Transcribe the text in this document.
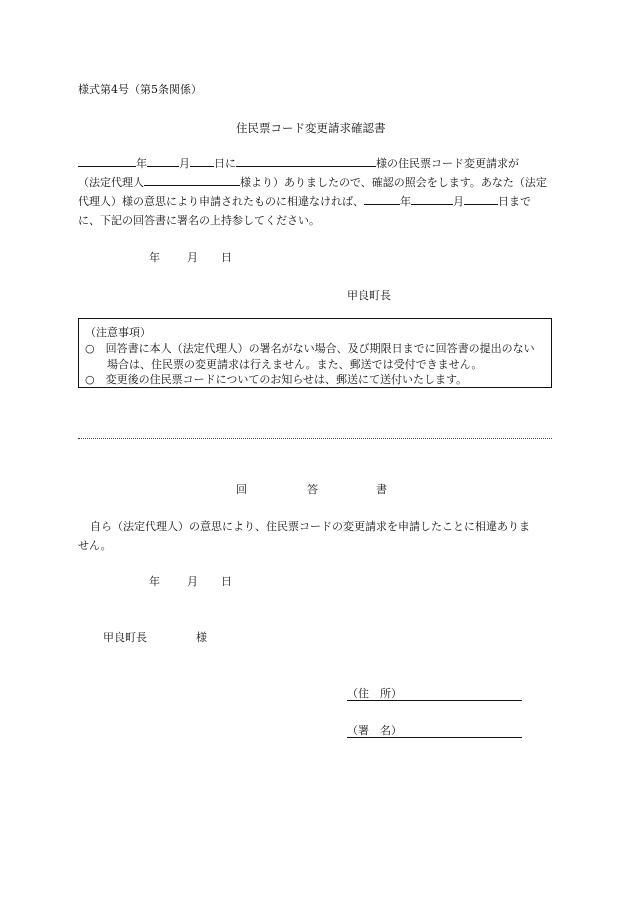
様式第4号（第5条関係）
住民票コード変更請求確認書
年	月 日に	様の住民票コード変更請求が
（法定代理人	様より）ありましたので、確認の照会をします。あなた（法定
代理人）様の意思により申請されたものに相違なければ、	年	月	日まで
に、下記の回答書に署名の上持参してください。
年 月 日
甲良町長
（注意事項）
○　回答書に本人（法定代理人）の署名がない場合、及び期限日までに回答書の提出のない
場合は、住民票の変更請求は行えません。また、郵送では受付できません。
○　変更後の住民票コードについてのお知らせは、郵送にて送付いたします。
回	答	書
自ら（法定代理人）の意思により、住民票コードの変更請求を申請したことに相違ありま
せん。
年 月 日
甲良町長	様
（住　所）
（署　名）
